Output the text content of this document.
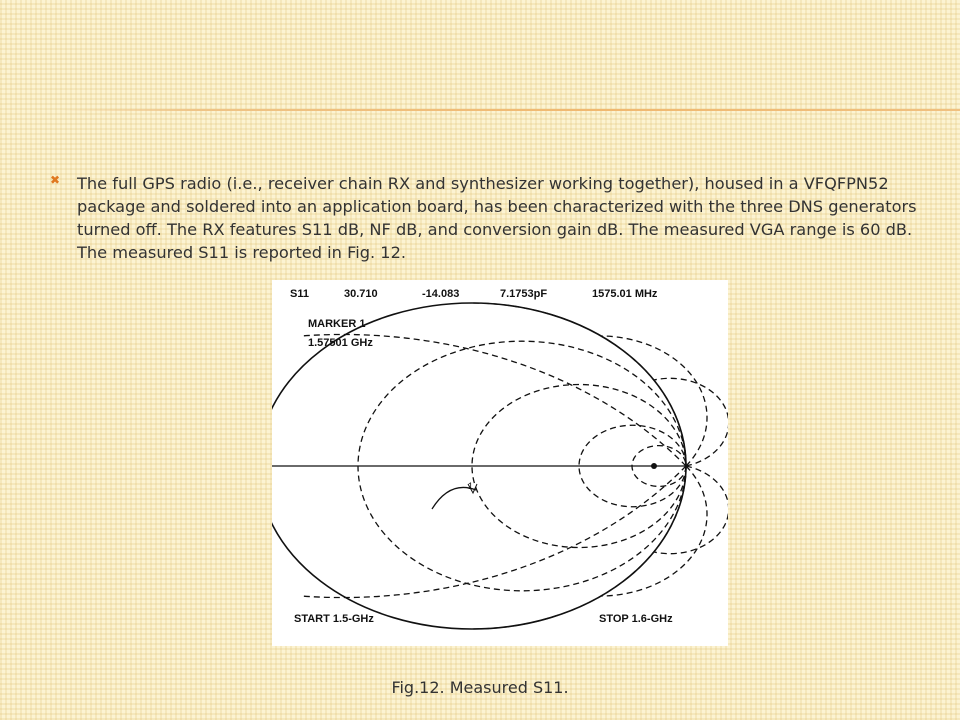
✖ The full GPS radio (i.e., receiver chain RX and synthesizer working together), housed in a VFQFPN52 package and soldered into an application board, has been characterized with the three DNS generators turned off. The RX features S11 dB, NF dB, and conversion gain dB. The measured VGA range is 60 dB. The measured S11 is reported in Fig. 12.
S11	30.710	-14.083	7.1753pF	1575.01 MHz
MARKER 1
1.57501 GHz
START 1.5-GHz	STOP 1.6-GHz
1
Fig.12. Measured S11.
